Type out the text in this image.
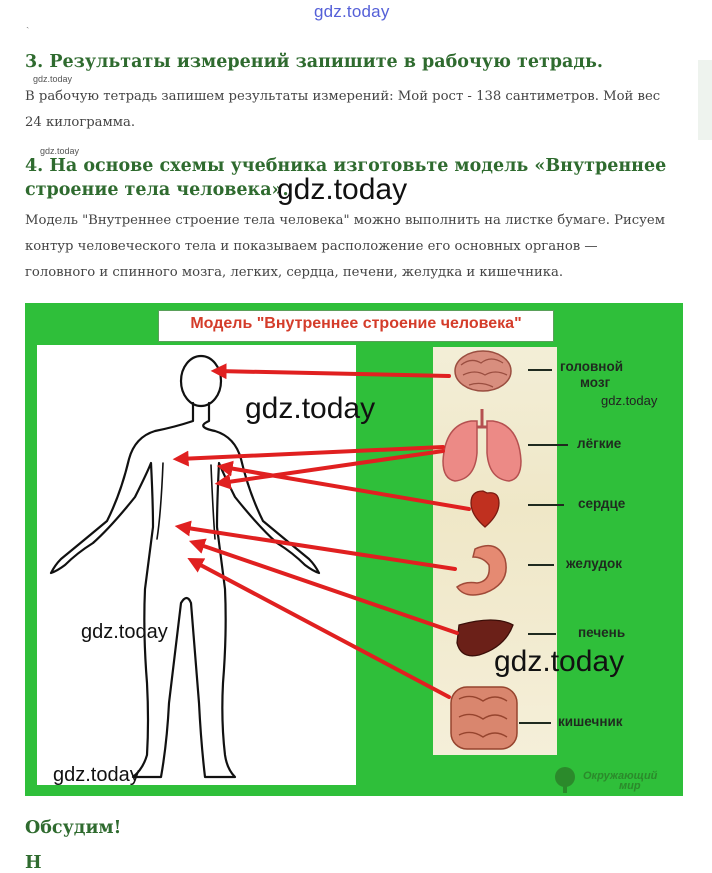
gdz.today
ˏ
3. Результаты измерений запишите в рабочую тетрадь.
gdz.today

В рабочую тетрадь запишем результаты измерений: Мой рост - 138 сантиметров. Мой вес

24 килограмма.

gdz.today
4. На основе схемы учебника изготовьте модель «Внутреннее
строение тела человека».
gdz.today

Модель "Внутреннее строение тела человека" можно выполнить на листке бумаге. Рисуем

контур человеческого тела и показываем расположение его основных органов —

головного и спинного мозга, легких, сердца, печени, желудка и кишечника.

Модель "Внутреннее строение человека"
головной
мозг
лёгкие
сердце
желудок
печень
кишечник
Окружающий
мир
gdz.today	gdz.today
gdz.today
gdz.today
gdz.today
Обсудим!
Н
